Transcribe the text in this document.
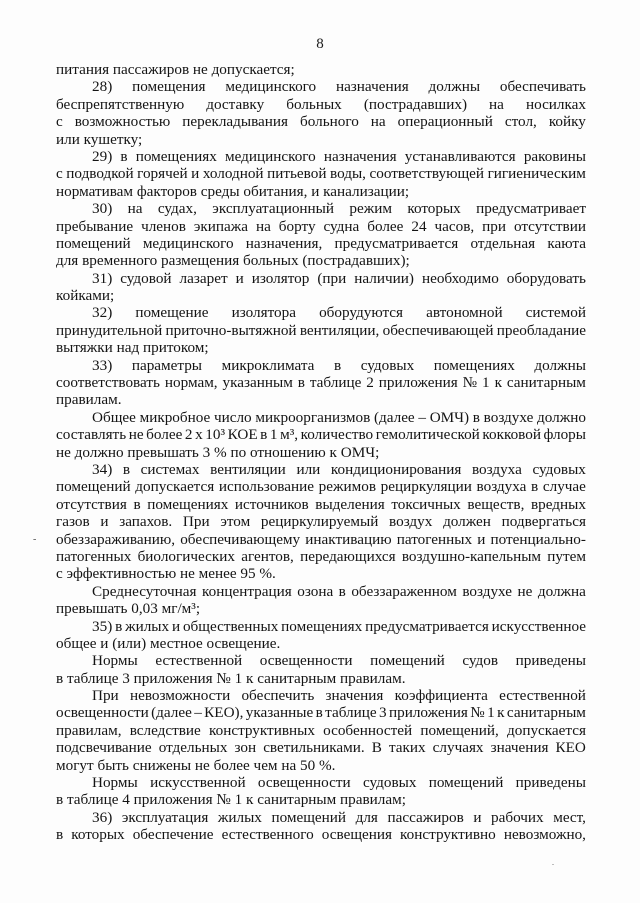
8
питания пассажиров не допускается;
28) помещения медицинского назначения должны обеспечивать
беспрепятственную доставку больных (пострадавших) на носилках
с возможностью перекладывания больного на операционный стол, койку
или кушетку;
29) в помещениях медицинского назначения устанавливаются раковины
с подводкой горячей и холодной питьевой воды, соответствующей гигиеническим
нормативам факторов среды обитания, и канализации;
30) на судах, эксплуатационный режим которых предусматривает
пребывание членов экипажа на борту судна более 24 часов, при отсутствии
помещений медицинского назначения, предусматривается отдельная каюта
для временного размещения больных (пострадавших);
31) судовой лазарет и изолятор (при наличии) необходимо оборудовать
койками;
32) помещение изолятора оборудуются автономной системой
принудительной приточно-вытяжной вентиляции, обеспечивающей преобладание
вытяжки над притоком;
33) параметры микроклимата в судовых помещениях должны
соответствовать нормам, указанным в таблице 2 приложения № 1 к санитарным
правилам.
Общее микробное число микроорганизмов (далее – ОМЧ) в воздухе должно
составлять не более 2 х 10³ КОЕ в 1 м³, количество гемолитической кокковой флоры
не должно превышать 3 % по отношению к ОМЧ;
34) в системах вентиляции или кондиционирования воздуха судовых
помещений допускается использование режимов рециркуляции воздуха в случае
отсутствия в помещениях источников выделения токсичных веществ, вредных
газов и запахов. При этом рециркулируемый воздух должен подвергаться
обеззараживанию, обеспечивающему инактивацию патогенных и потенциально-
патогенных биологических агентов, передающихся воздушно-капельным путем
с эффективностью не менее 95 %.
Среднесуточная концентрация озона в обеззараженном воздухе не должна
превышать 0,03 мг/м³;
35) в жилых и общественных помещениях предусматривается искусственное
общее и (или) местное освещение.
Нормы естественной освещенности помещений судов приведены
в таблице 3 приложения № 1 к санитарным правилам.
При невозможности обеспечить значения коэффициента естественной
освещенности (далее – КЕО), указанные в таблице 3 приложения № 1 к санитарным
правилам, вследствие конструктивных особенностей помещений, допускается
подсвечивание отдельных зон светильниками. В таких случаях значения КЕО
могут быть снижены не более чем на 50 %.
Нормы искусственной освещенности судовых помещений приведены
в таблице 4 приложения № 1 к санитарным правилам;
36) эксплуатация жилых помещений для пассажиров и рабочих мест,
в которых обеспечение естественного освещения конструктивно невозможно,
-
.
